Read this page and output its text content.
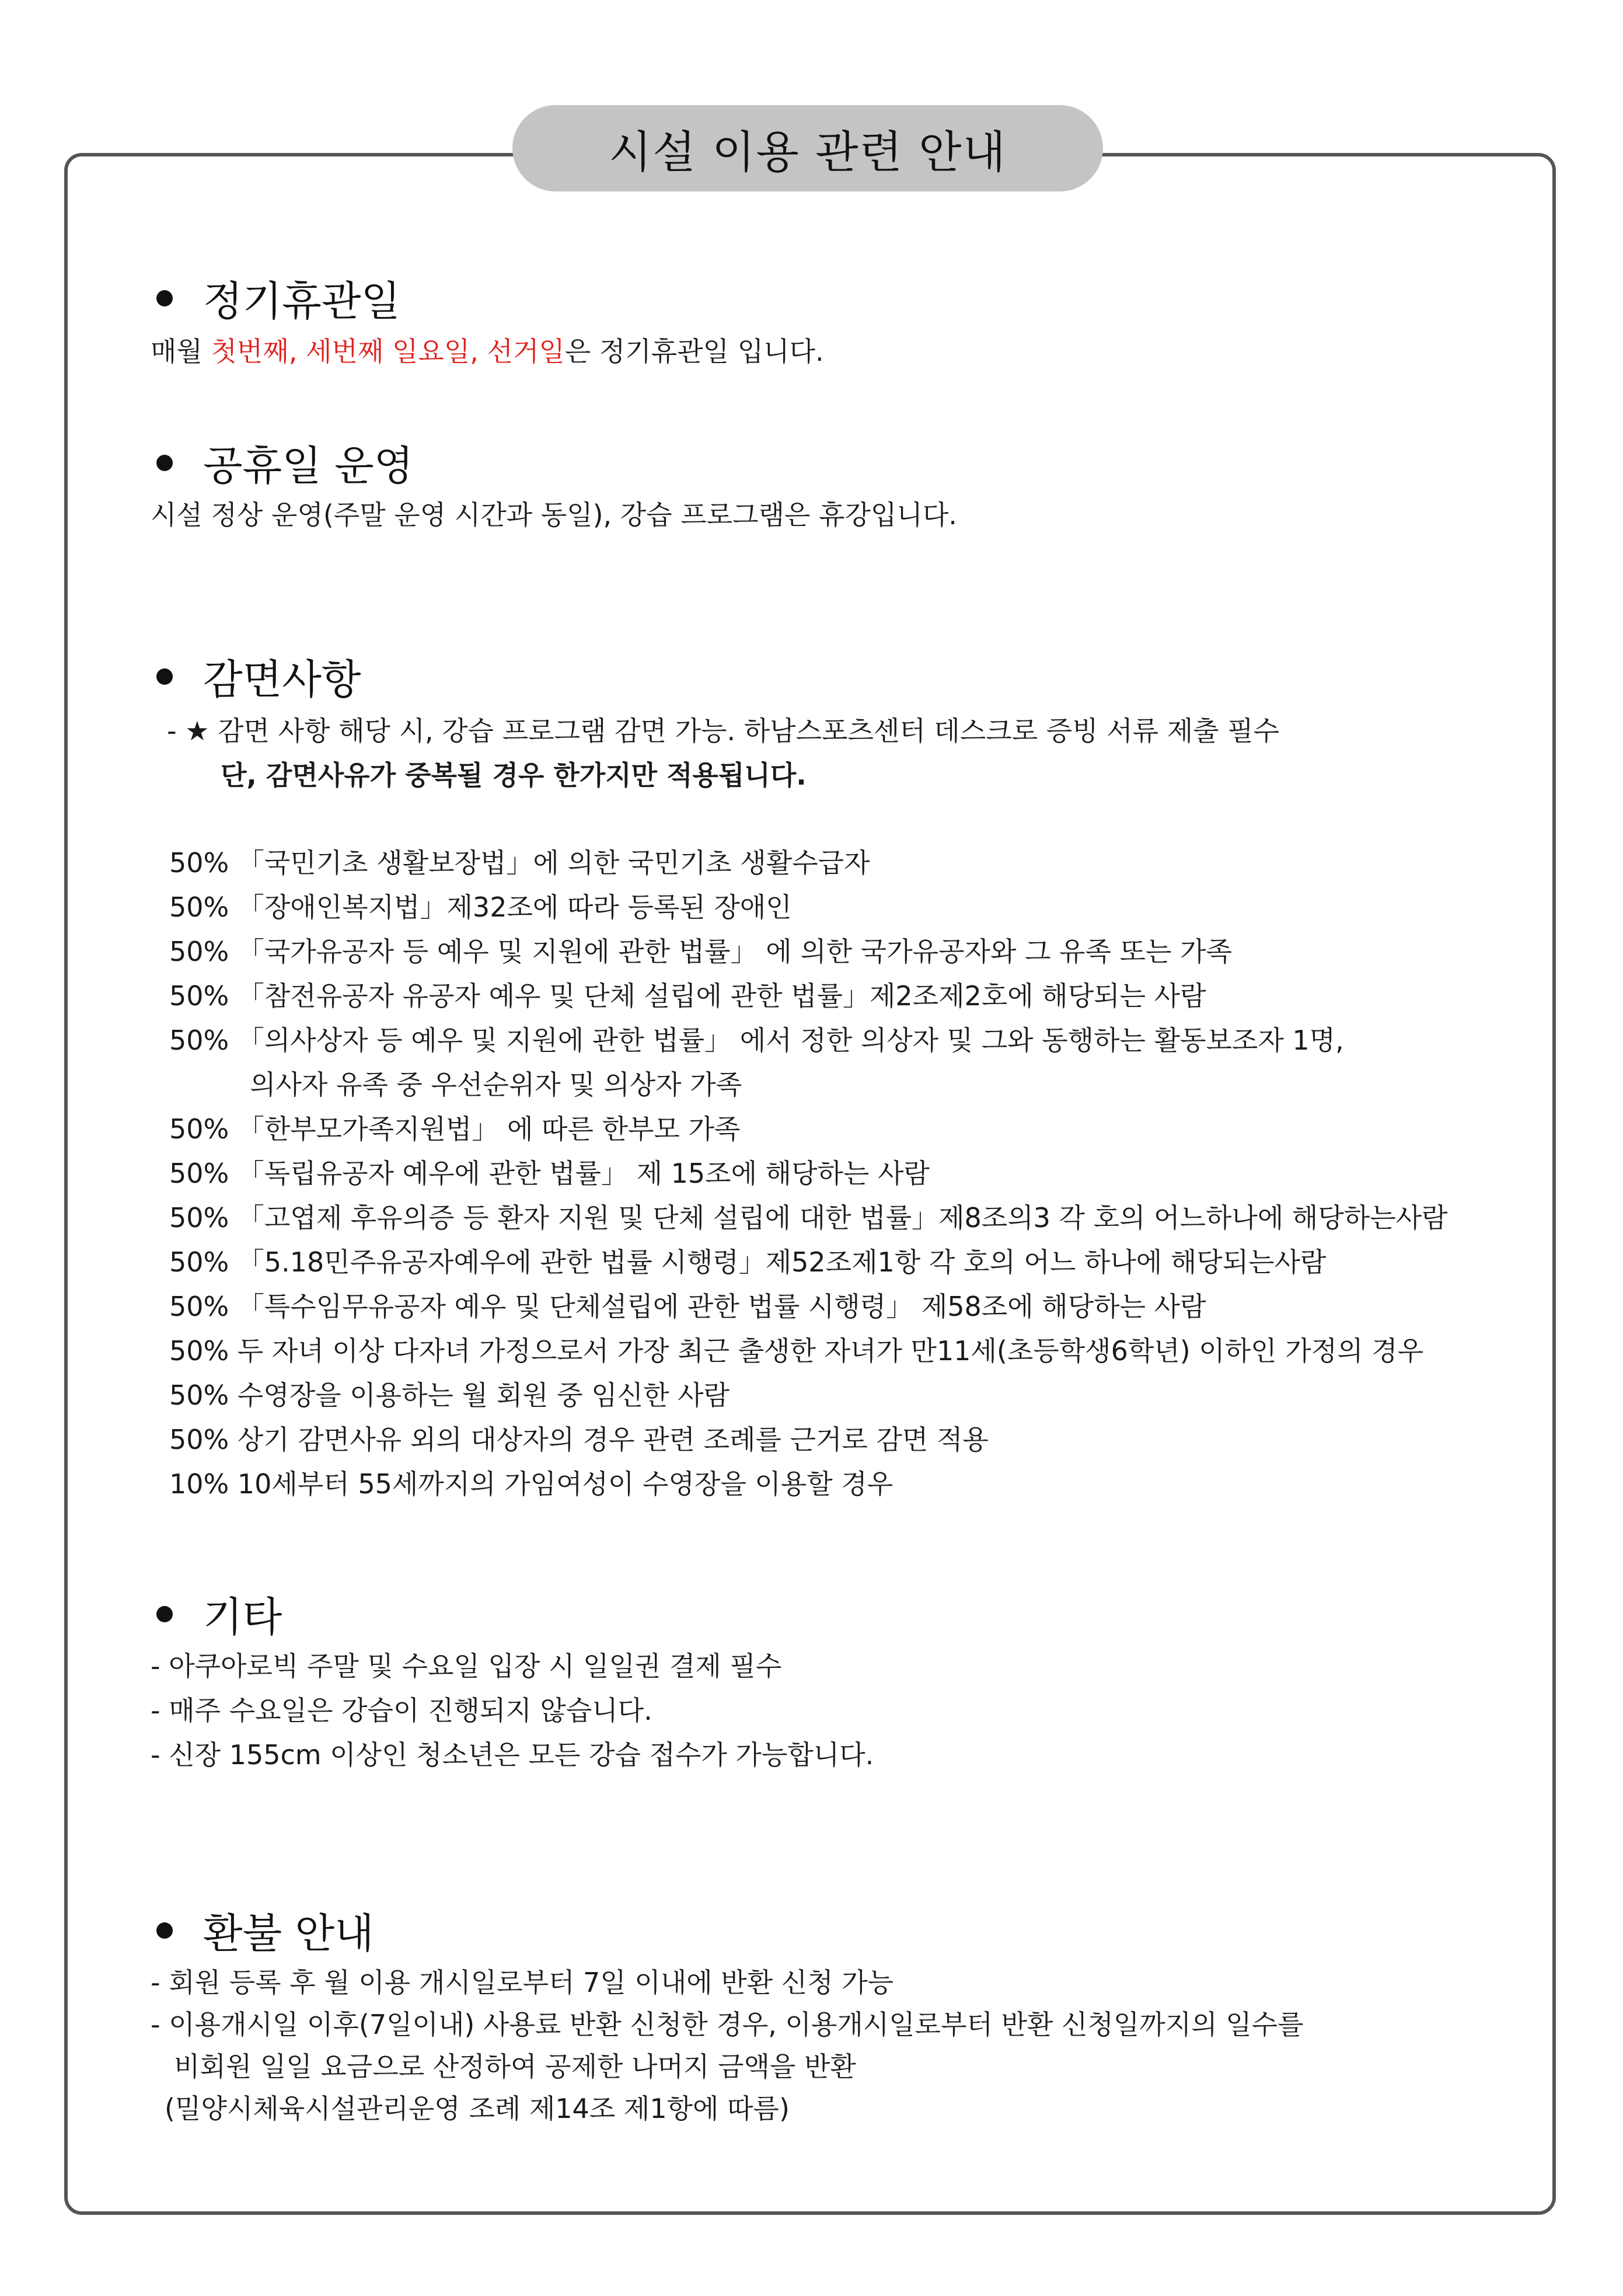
시설 이용 관련 안내
정기휴관일
매월 첫번째, 세번째 일요일, 선거일은 정기휴관일 입니다.
공휴일 운영
시설 정상 운영(주말 운영 시간과 동일), 강습 프로그램은 휴강입니다.
감면사항
- ★ 감면 사항 해당 시, 강습 프로그램 감면 가능. 하남스포츠센터 데스크로 증빙 서류 제출 필수
단, 감면사유가 중복될 경우 한가지만 적용됩니다.
50% 「국민기초 생활보장법」에 의한 국민기초 생활수급자
50% 「장애인복지법」제32조에 따라 등록된 장애인
50% 「국가유공자 등 예우 및 지원에 관한 법률」 에 의한 국가유공자와 그 유족 또는 가족
50% 「참전유공자 유공자 예우 및 단체 설립에 관한 법률」제2조제2호에 해당되는 사람
50% 「의사상자 등 예우 및 지원에 관한 법률」 에서 정한 의상자 및 그와 동행하는 활동보조자 1명,
의사자 유족 중 우선순위자 및 의상자 가족
50% 「한부모가족지원법」 에 따른 한부모 가족
50% 「독립유공자 예우에 관한 법률」 제 15조에 해당하는 사람
50% 「고엽제 후유의증 등 환자 지원 및 단체 설립에 대한 법률」제8조의3 각 호의 어느하나에 해당하는사람
50% 「5.18민주유공자예우에 관한 법률 시행령」제52조제1항 각 호의 어느 하나에 해당되는사람
50% 「특수임무유공자 예우 및 단체설립에 관한 법률 시행령」 제58조에 해당하는 사람
50% 두 자녀 이상 다자녀 가정으로서 가장 최근 출생한 자녀가 만11세(초등학생6학년) 이하인 가정의 경우
50% 수영장을 이용하는 월 회원 중 임신한 사람
50% 상기 감면사유 외의 대상자의 경우 관련 조례를 근거로 감면 적용
10% 10세부터 55세까지의 가임여성이 수영장을 이용할 경우
기타
- 아쿠아로빅 주말 및 수요일 입장 시 일일권 결제 필수
- 매주 수요일은 강습이 진행되지 않습니다.
- 신장 155cm 이상인 청소년은 모든 강습 접수가 가능합니다.
환불 안내
- 회원 등록 후 월 이용 개시일로부터 7일 이내에 반환 신청 가능
- 이용개시일 이후(7일이내) 사용료 반환 신청한 경우, 이용개시일로부터 반환 신청일까지의 일수를
비회원 일일 요금으로 산정하여 공제한 나머지 금액을 반환
(밀양시체육시설관리운영 조례 제14조 제1항에 따름)
